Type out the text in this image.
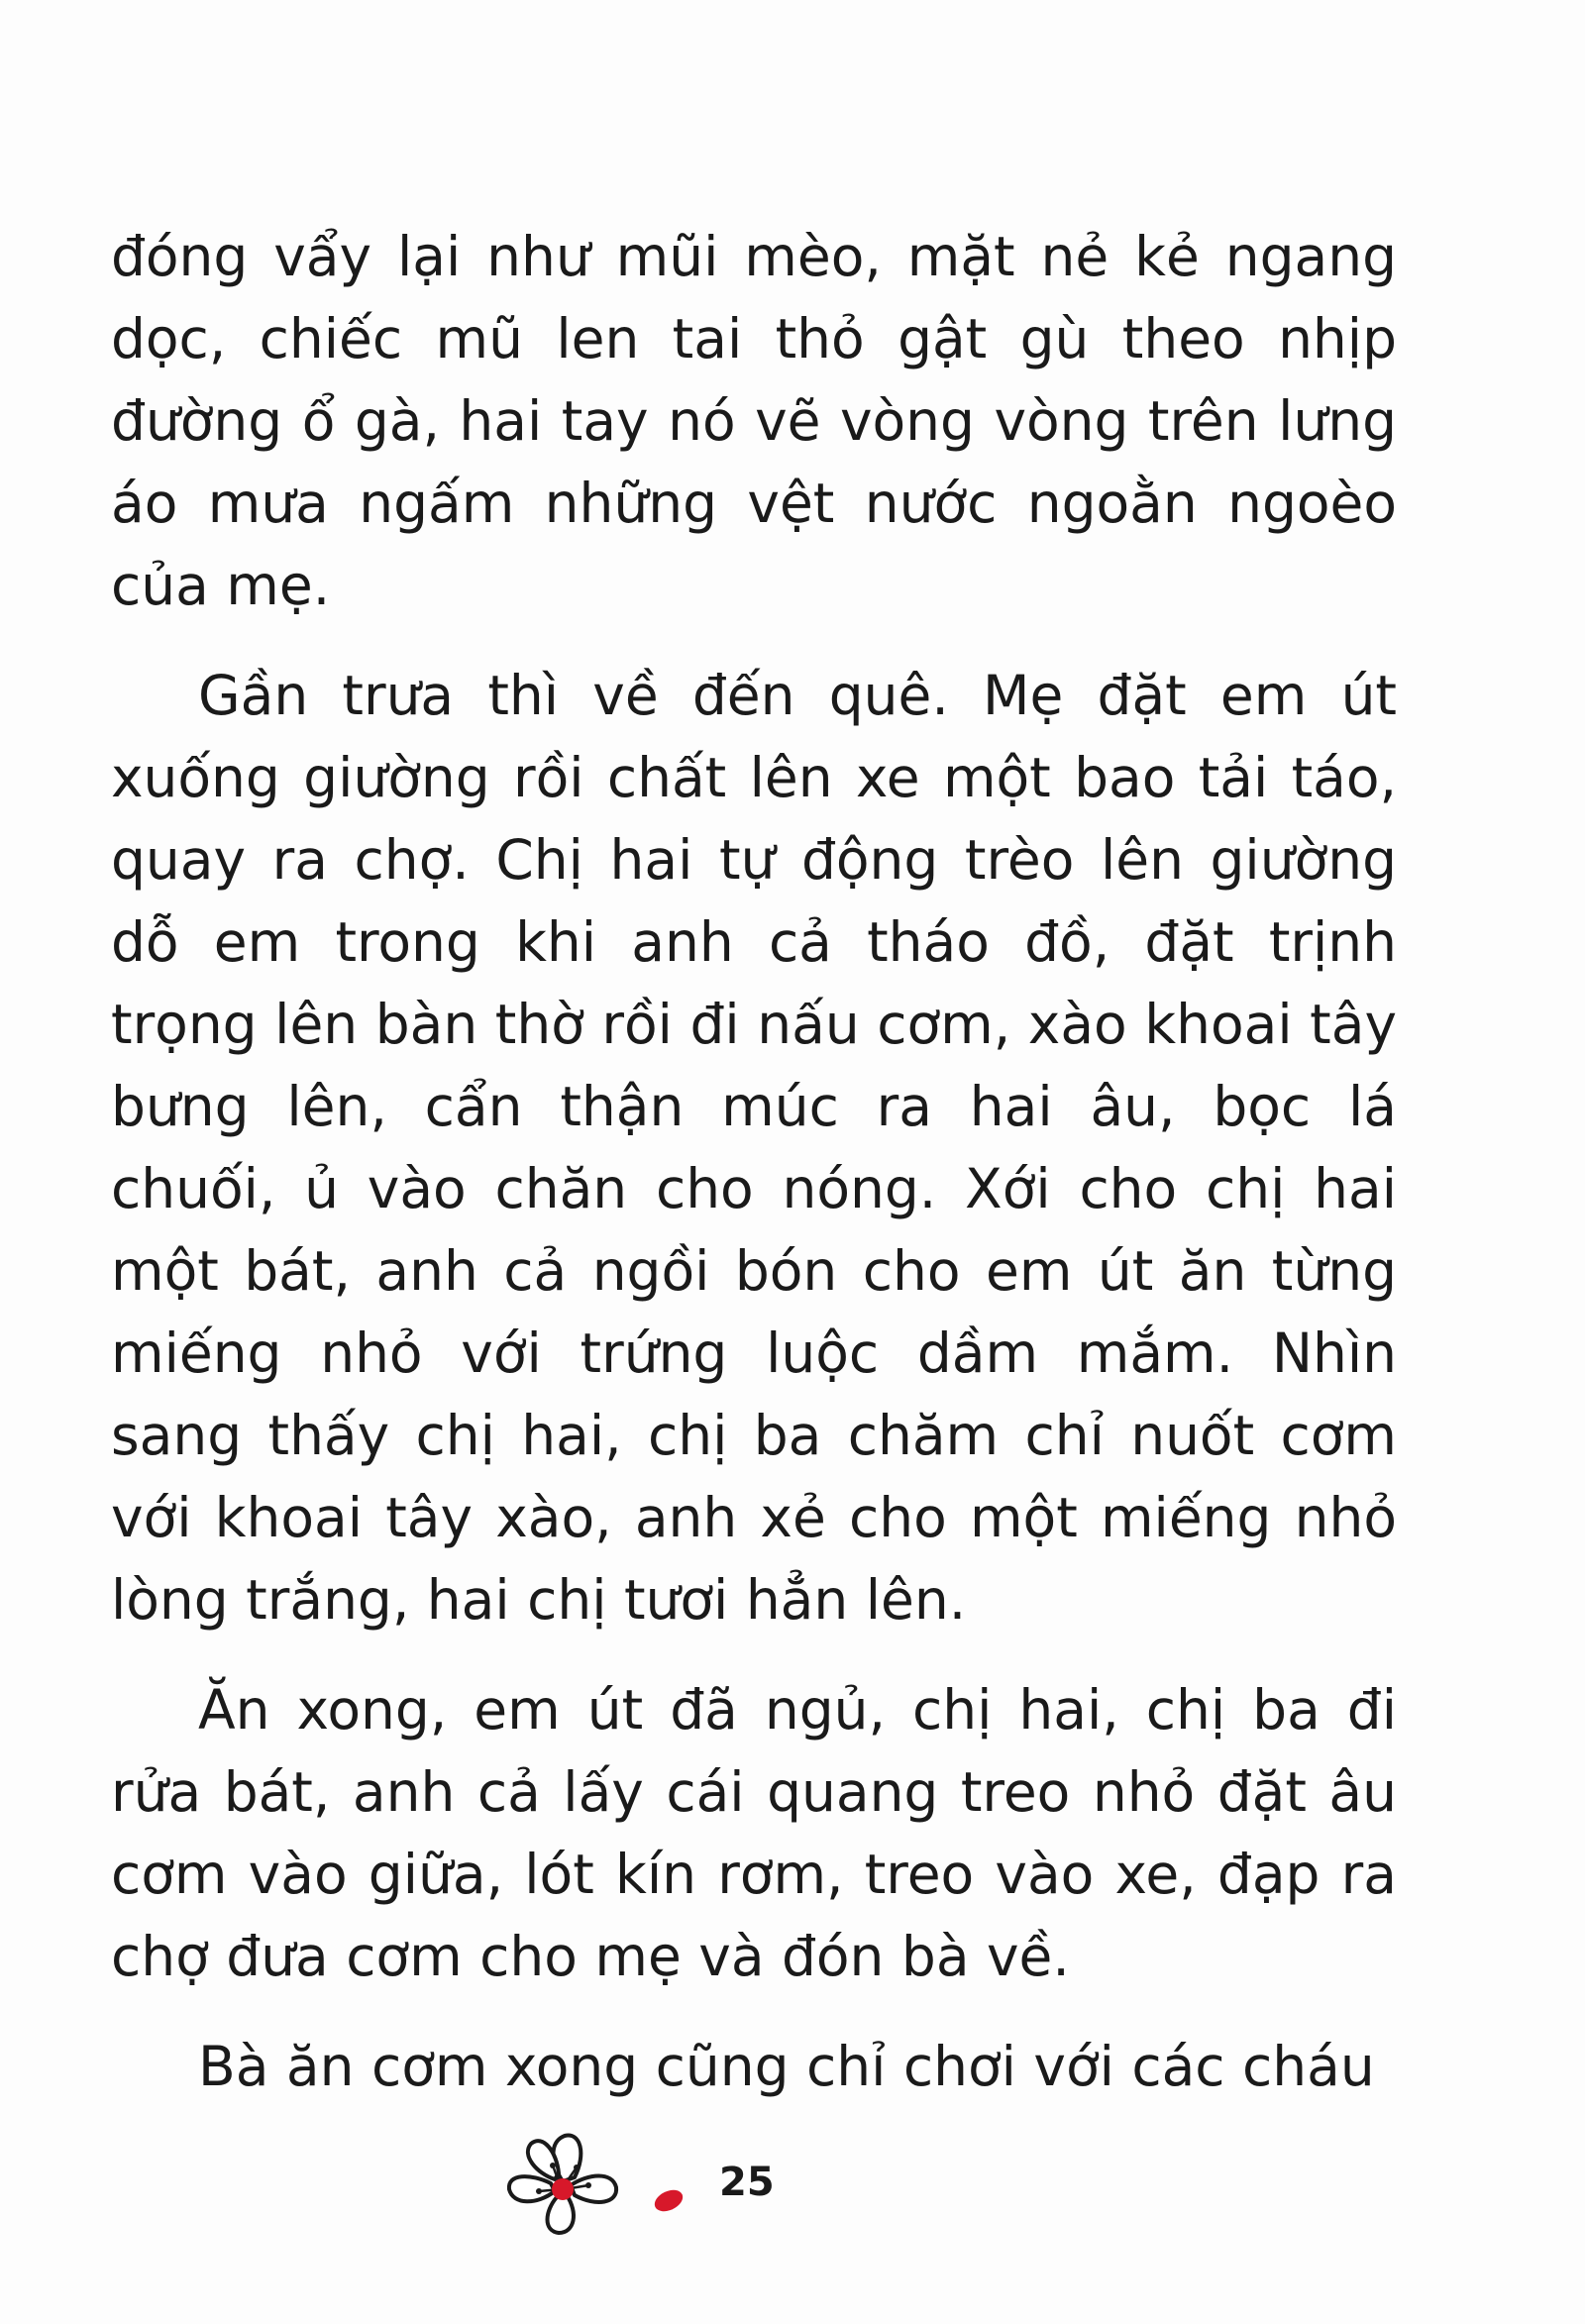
đóng vẩy lại như mũi mèo, mặt nẻ kẻ ngang dọc, chiếc mũ len tai thỏ gật gù theo nhịp đường ổ gà, hai tay nó vẽ vòng vòng trên lưng áo mưa ngấm những vệt nước ngoằn ngoèo của mẹ.

Gần trưa thì về đến quê. Mẹ đặt em út xuống giường rồi chất lên xe một bao tải táo, quay ra chợ. Chị hai tự động trèo lên giường dỗ em trong khi anh cả tháo đồ, đặt trịnh trọng lên bàn thờ rồi đi nấu cơm, xào khoai tây bưng lên, cẩn thận múc ra hai âu, bọc lá chuối, ủ vào chăn cho nóng. Xới cho chị hai một bát, anh cả ngồi bón cho em út ăn từng miếng nhỏ với trứng luộc dầm mắm. Nhìn sang thấy chị hai, chị ba chăm chỉ nuốt cơm với khoai tây xào, anh xẻ cho một miếng nhỏ lòng trắng, hai chị tươi hẳn lên.

Ăn xong, em út đã ngủ, chị hai, chị ba đi rửa bát, anh cả lấy cái quang treo nhỏ đặt âu cơm vào giữa, lót kín rơm, treo vào xe, đạp ra chợ đưa cơm cho mẹ và đón bà về.

Bà ăn cơm xong cũng chỉ chơi với các cháu

25
